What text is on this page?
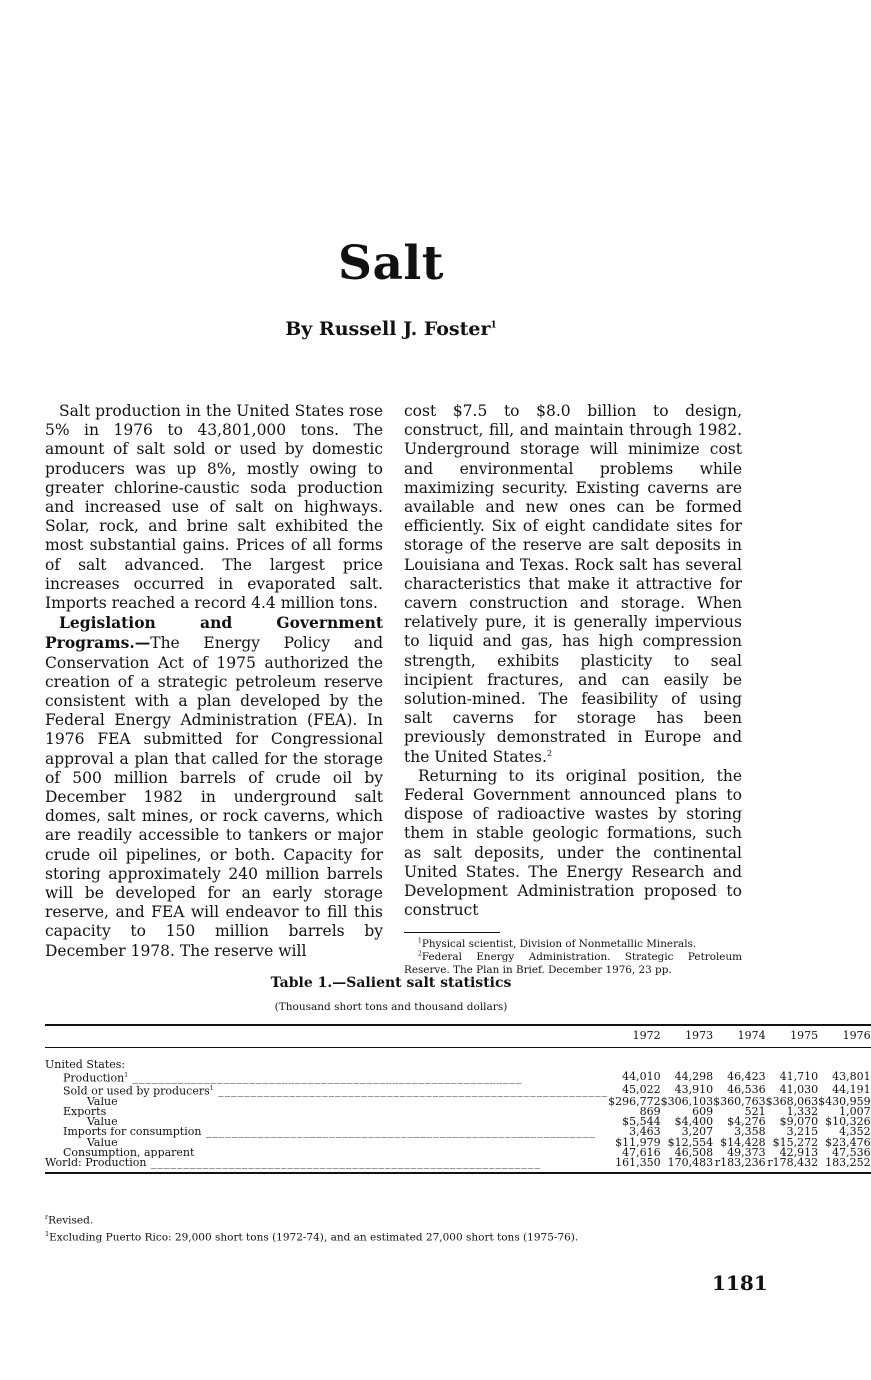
Salt

By Russell J. Foster$^1$

Salt production in the United States rose 5% in 1976 to 43,801,000 tons. The amount of salt sold or used by domestic producers was up 8%, mostly owing to greater chlorine-caustic soda production and increased use of salt on highways. Solar, rock, and brine salt exhibited the most substantial gains. Prices of all forms of salt advanced. The largest price increases occurred in evaporated salt. Imports reached a record 4.4 million tons.

Legislation and Government Programs.—The Energy Policy and Conservation Act of 1975 authorized the creation of a strategic petroleum reserve consistent with a plan developed by the Federal Energy Administration (FEA). In 1976 FEA submitted for Congressional approval a plan that called for the storage of 500 million barrels of crude oil by December 1982 in underground salt domes, salt mines, or rock caverns, which are readily accessible to tankers or major crude oil pipelines, or both. Capacity for storing approximately 240 million barrels will be developed for an early storage reserve, and FEA will endeavor to fill this capacity to 150 million barrels by December 1978. The reserve will

cost $7.5 to $8.0 billion to design, construct, fill, and maintain through 1982. Underground storage will minimize cost and environmental problems while maximizing security. Existing caverns are available and new ones can be formed efficiently. Six of eight candidate sites for storage of the reserve are salt deposits in Louisiana and Texas. Rock salt has several characteristics that make it attractive for cavern construction and storage. When relatively pure, it is generally impervious to liquid and gas, has high compression strength, exhibits plasticity to seal incipient fractures, and can easily be solution-mined. The feasibility of using salt caverns for storage has been previously demonstrated in Europe and the United States.$^2$

Returning to its original position, the Federal Government announced plans to dispose of radioactive wastes by storing them in stable geologic formations, such as salt deposits, under the continental United States. The Energy Research and Development Administration proposed to construct

$^1$Physical scientist, Division of Nonmetallic Minerals.
$^2$Federal Energy Administration. Strategic Petroleum Reserve. The Plan in Brief. December 1976, 23 pp.

Table 1.—Salient salt statistics

(Thousand short tons and thousand dollars)

	1972	1973	1974	1975	1976
United States:					
Production$^1$ ____________________________________________________________	44,010	44,298	46,423	41,710	43,801
Sold or used by producers$^1$ ____________________________________________________________	45,022	43,910	46,536	41,030	44,191
Value ____________________________________________________________	$296,772	$306,103	$360,763	$368,063	$430,959
Exports ____________________________________________________________	869	609	521	1,332	1,007
Value ____________________________________________________________	$5,544	$4,400	$4,276	$9,070	$10,326
Imports for consumption ____________________________________________________________	3,463	3,207	3,358	3,215	4,352
Value ____________________________________________________________	$11,979	$12,554	$14,428	$15,272	$23,476
Consumption, apparent ____________________________________________________________	47,616	46,508	49,373	42,913	47,536
World: Production ____________________________________________________________	161,350	170,483	r183,236	r178,432	183,252
$^r$Revised.
$^1$Excluding Puerto Rico: 29,000 short tons (1972-74), and an estimated 27,000 short tons (1975-76).
1181
